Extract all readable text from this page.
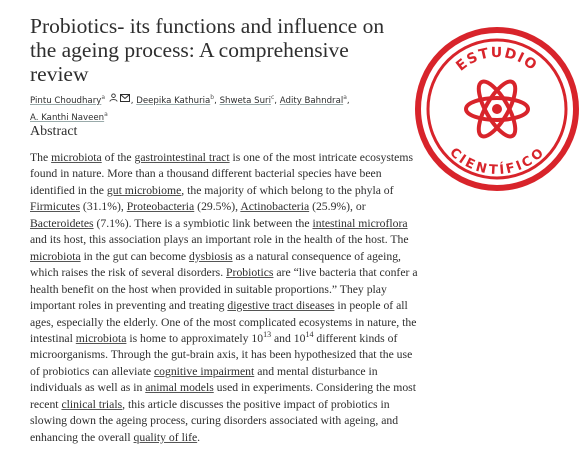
Probiotics- its functions and influence on the ageing process: A comprehensive review
Pintu Choudhary$^a$	, Deepika Kathuria$^b$, Shweta Suri$^c$, Adity Bahndral$^a$,
A. Kanthi Naveen$^a$
Abstract

The microbiota of the gastrointestinal tract is one of the most intricate ecosystems found in nature. More than a thousand different bacterial species have been identified in the gut microbiome, the majority of which belong to the phyla of Firmicutes (31.1%), Proteobacteria (29.5%), Actinobacteria (25.9%), or Bacteroidetes (7.1%). There is a symbiotic link between the intestinal microflora and its host, this association plays an important role in the health of the host. The microbiota in the gut can become dysbiosis as a natural consequence of ageing, which raises the risk of several disorders. Probiotics are “live bacteria that confer a health benefit on the host when provided in suitable proportions.” They play important roles in preventing and treating digestive tract diseases in people of all ages, especially the elderly. One of the most complicated ecosystems in nature, the intestinal microbiota is home to approximately $10^{13}$ and $10^{14}$ different kinds of microorganisms. Through the gut-brain axis, it has been hypothesized that the use of probiotics can alleviate cognitive impairment and mental disturbance in individuals as well as in animal models used in experiments. Considering the most recent clinical trials, this article discusses the positive impact of probiotics in slowing down the ageing process, curing disorders associated with ageing, and enhancing the overall quality of life.

ESTUDIO
CIENTÍFICO
